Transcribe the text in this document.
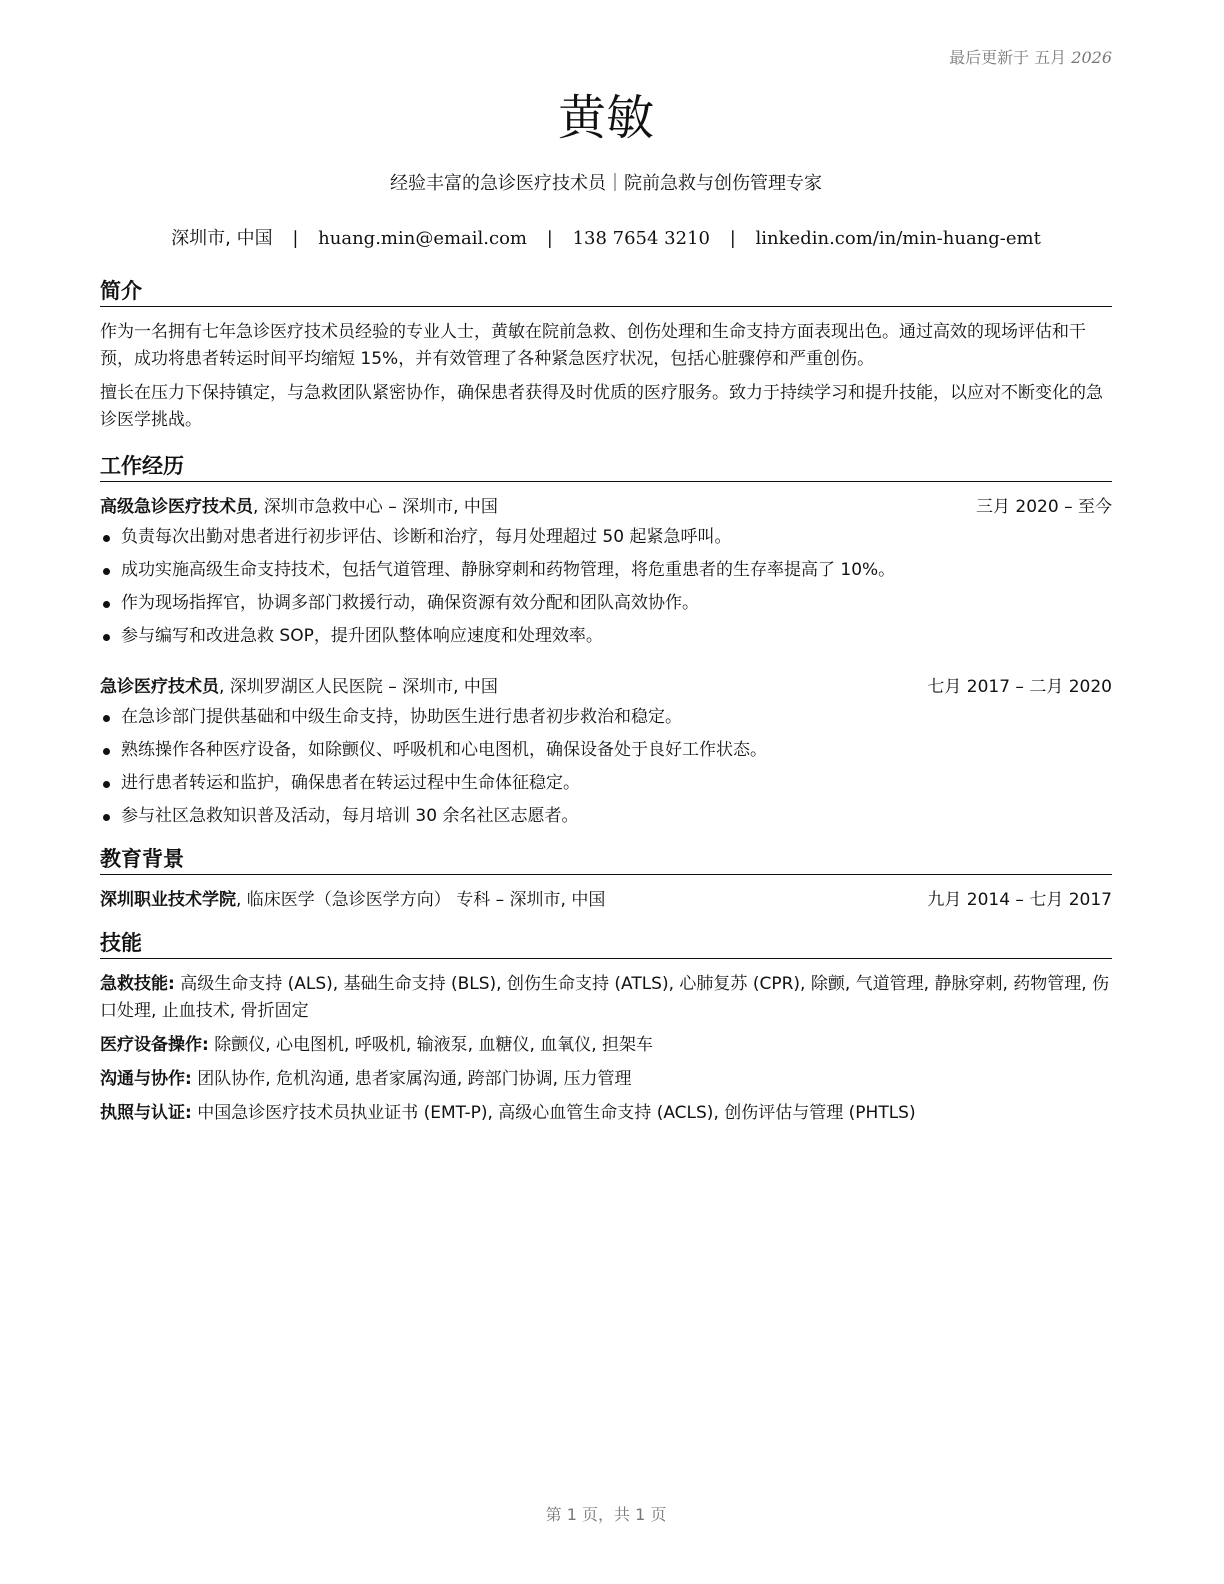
最后更新于 五月 2026
黄敏
经验丰富的急诊医疗技术员｜院前急救与创伤管理专家
深圳市, 中国 | huang.min@email.com | 138 7654 3210 | linkedin.com/in/min-huang-emt
简介

作为一名拥有七年急诊医疗技术员经验的专业人士，黄敏在院前急救、创伤处理和生命支持方面表现出色。通过高效的现场评估和干预，成功将患者转运时间平均缩短 15%，并有效管理了各种紧急医疗状况，包括心脏骤停和严重创伤。

擅长在压力下保持镇定，与急救团队紧密协作，确保患者获得及时优质的医疗服务。致力于持续学习和提升技能，以应对不断变化的急诊医学挑战。

工作经历
高级急诊医疗技术员, 深圳市急救中心 – 深圳市, 中国	三月 2020 – 至今
负责每次出勤对患者进行初步评估、诊断和治疗，每月处理超过 50 起紧急呼叫。
成功实施高级生命支持技术，包括气道管理、静脉穿刺和药物管理，将危重患者的生存率提高了 10%。
作为现场指挥官，协调多部门救援行动，确保资源有效分配和团队高效协作。
参与编写和改进急救 SOP，提升团队整体响应速度和处理效率。
急诊医疗技术员, 深圳罗湖区人民医院 – 深圳市, 中国	七月 2017 – 二月 2020
在急诊部门提供基础和中级生命支持，协助医生进行患者初步救治和稳定。
熟练操作各种医疗设备，如除颤仪、呼吸机和心电图机，确保设备处于良好工作状态。
进行患者转运和监护，确保患者在转运过程中生命体征稳定。
参与社区急救知识普及活动，每月培训 30 余名社区志愿者。
教育背景
深圳职业技术学院, 临床医学（急诊医学方向） 专科 – 深圳市, 中国	九月 2014 – 七月 2017
技能
急救技能: 高级生命支持 (ALS), 基础生命支持 (BLS), 创伤生命支持 (ATLS), 心肺复苏 (CPR), 除颤, 气道管理, 静脉穿刺, 药物管理, 伤口处理, 止血技术, 骨折固定
医疗设备操作: 除颤仪, 心电图机, 呼吸机, 输液泵, 血糖仪, 血氧仪, 担架车
沟通与协作: 团队协作, 危机沟通, 患者家属沟通, 跨部门协调, 压力管理
执照与认证: 中国急诊医疗技术员执业证书 (EMT-P), 高级心血管生命支持 (ACLS), 创伤评估与管理 (PHTLS)
第 1 页，共 1 页
